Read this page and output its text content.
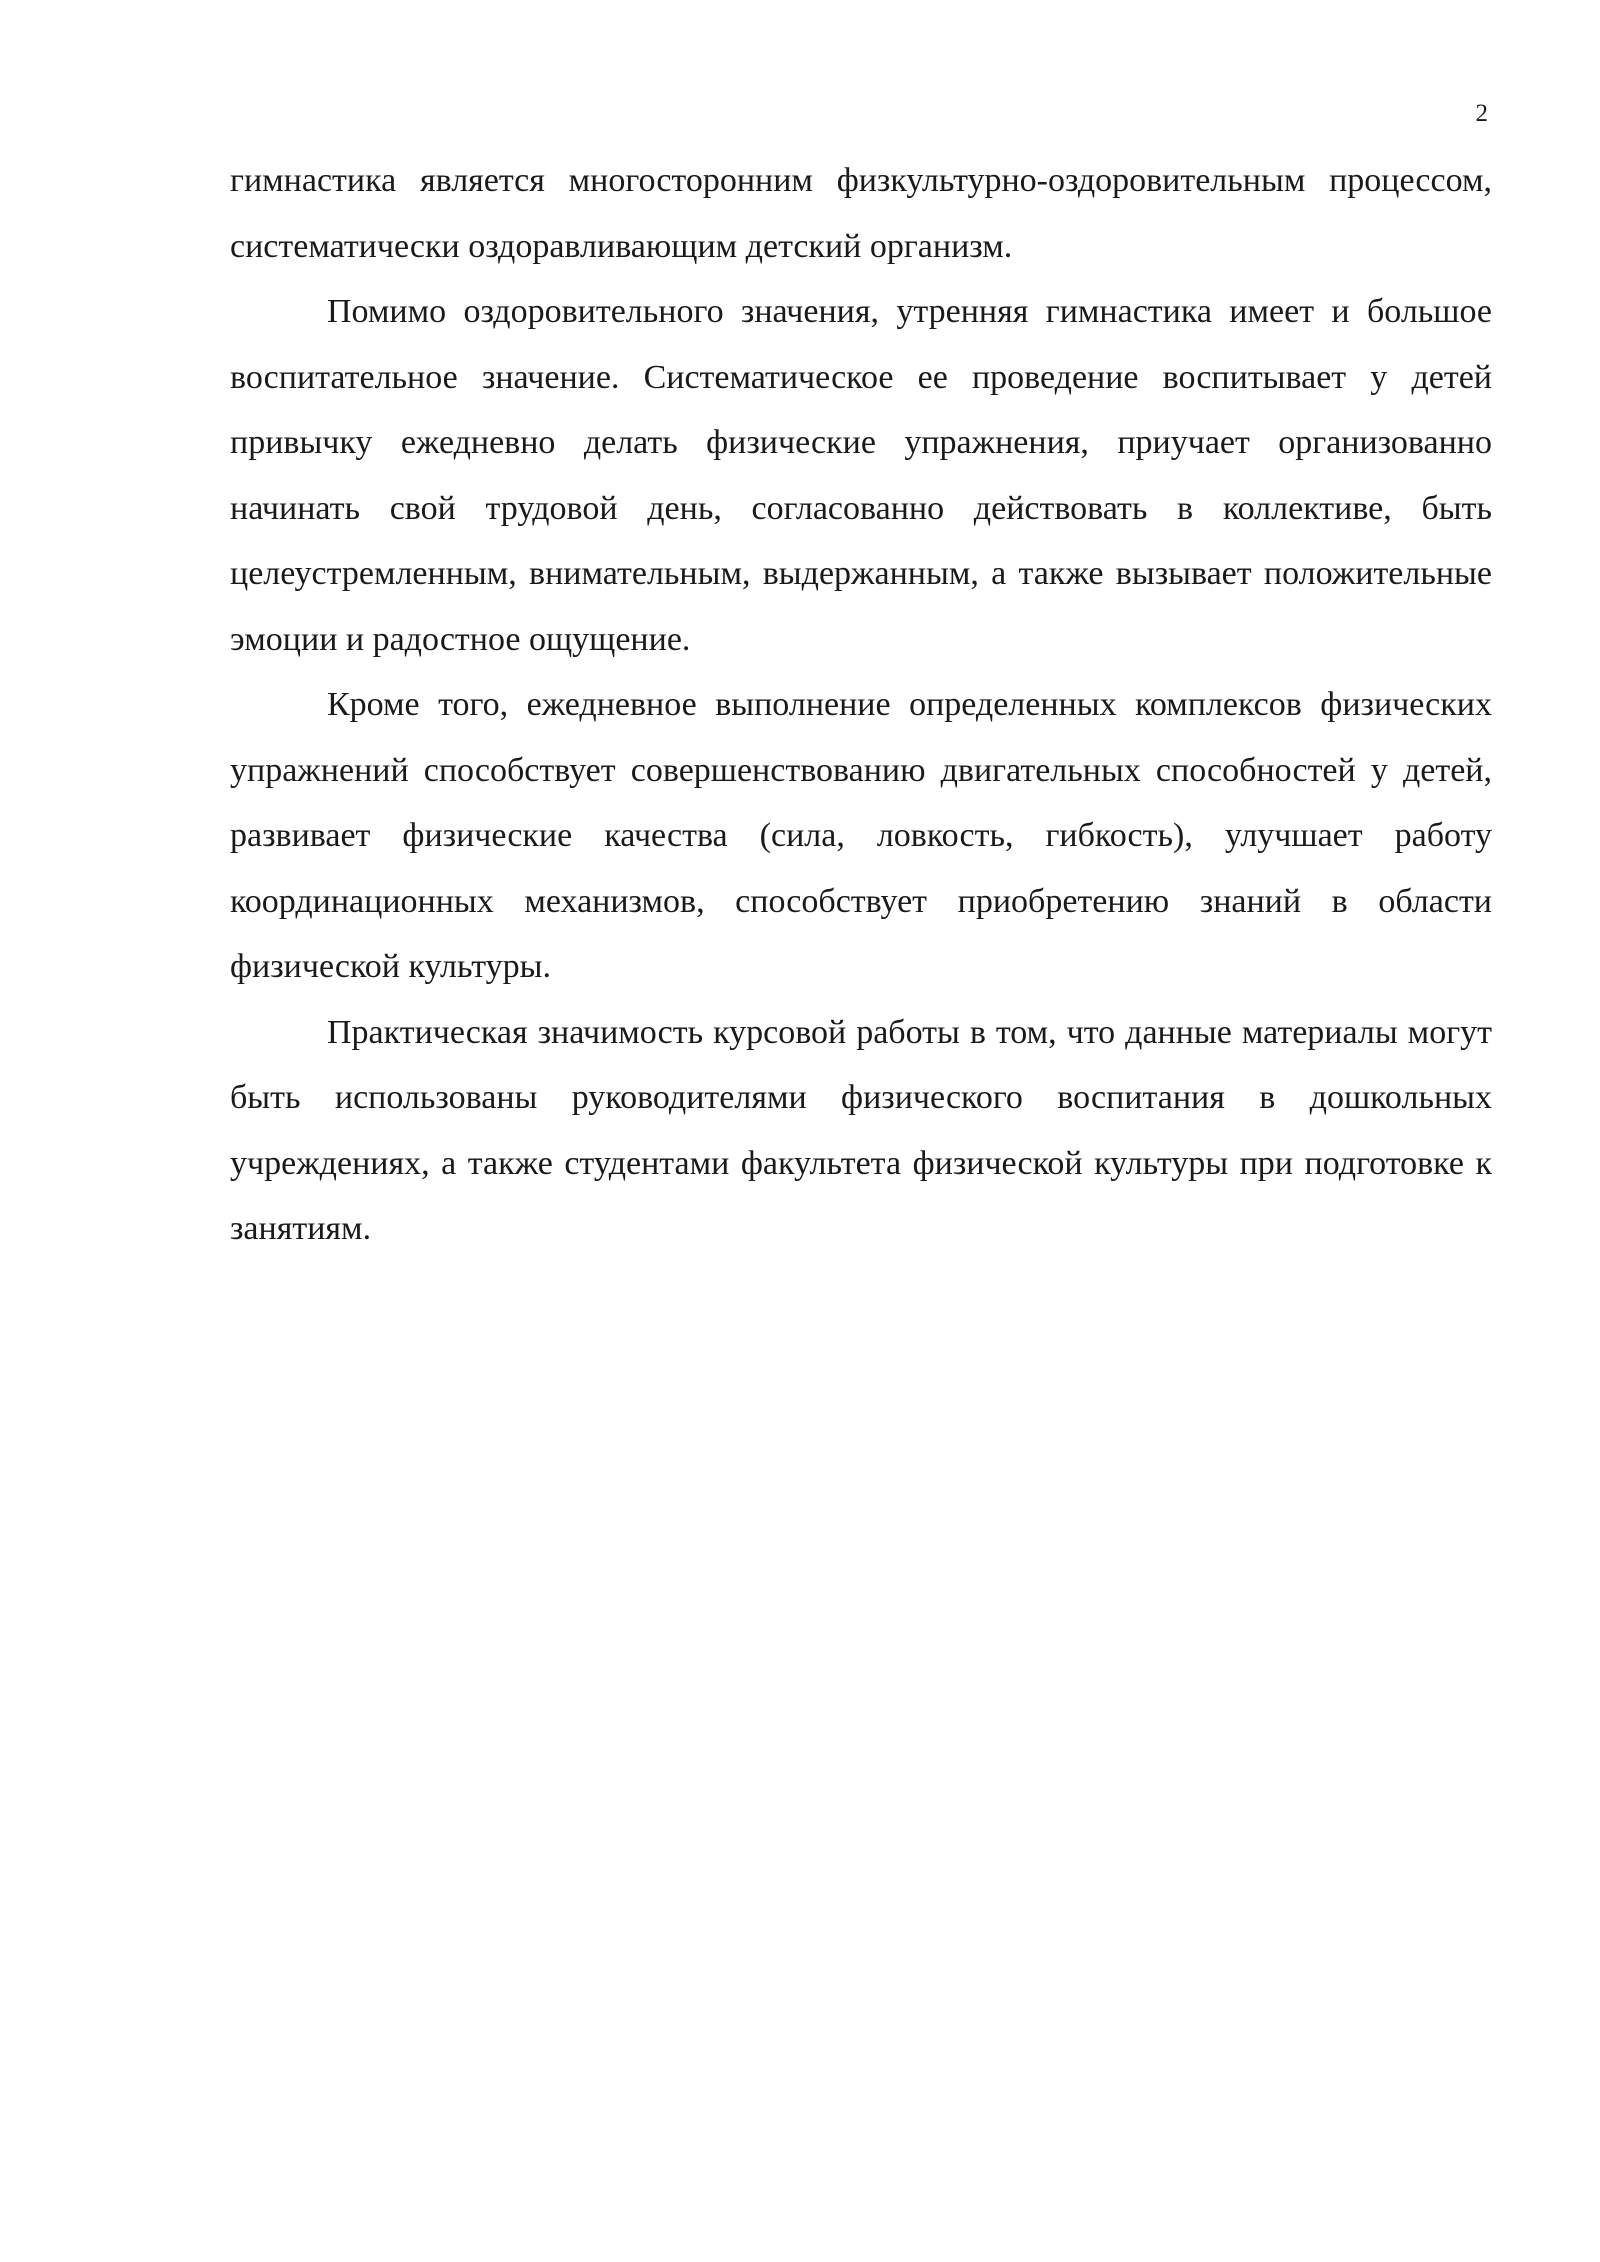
2

гимнастика является многосторонним физкультурно-оздоровительным процессом, систематически оздоравливающим детский организм.

Помимо оздоровительного значения, утренняя гимнастика имеет и большое воспитательное значение. Систематическое ее проведение воспитывает у детей привычку ежедневно делать физические упражнения, приучает организованно начинать свой трудовой день, согласованно действовать в коллективе, быть целеустремленным, внимательным, выдержанным, а также вызывает положительные эмоции и радостное ощущение.

Кроме того, ежедневное выполнение определенных комплексов физических упражнений способствует совершенствованию двигательных способностей у детей, развивает физические качества (сила, ловкость, гибкость), улучшает работу координационных механизмов, способствует приобретению знаний в области физической культуры.

Практическая значимость курсовой работы в том, что данные материалы могут быть использованы руководителями физического воспитания в дошкольных учреждениях, а также студентами факультета физической культуры при подготовке к занятиям.
